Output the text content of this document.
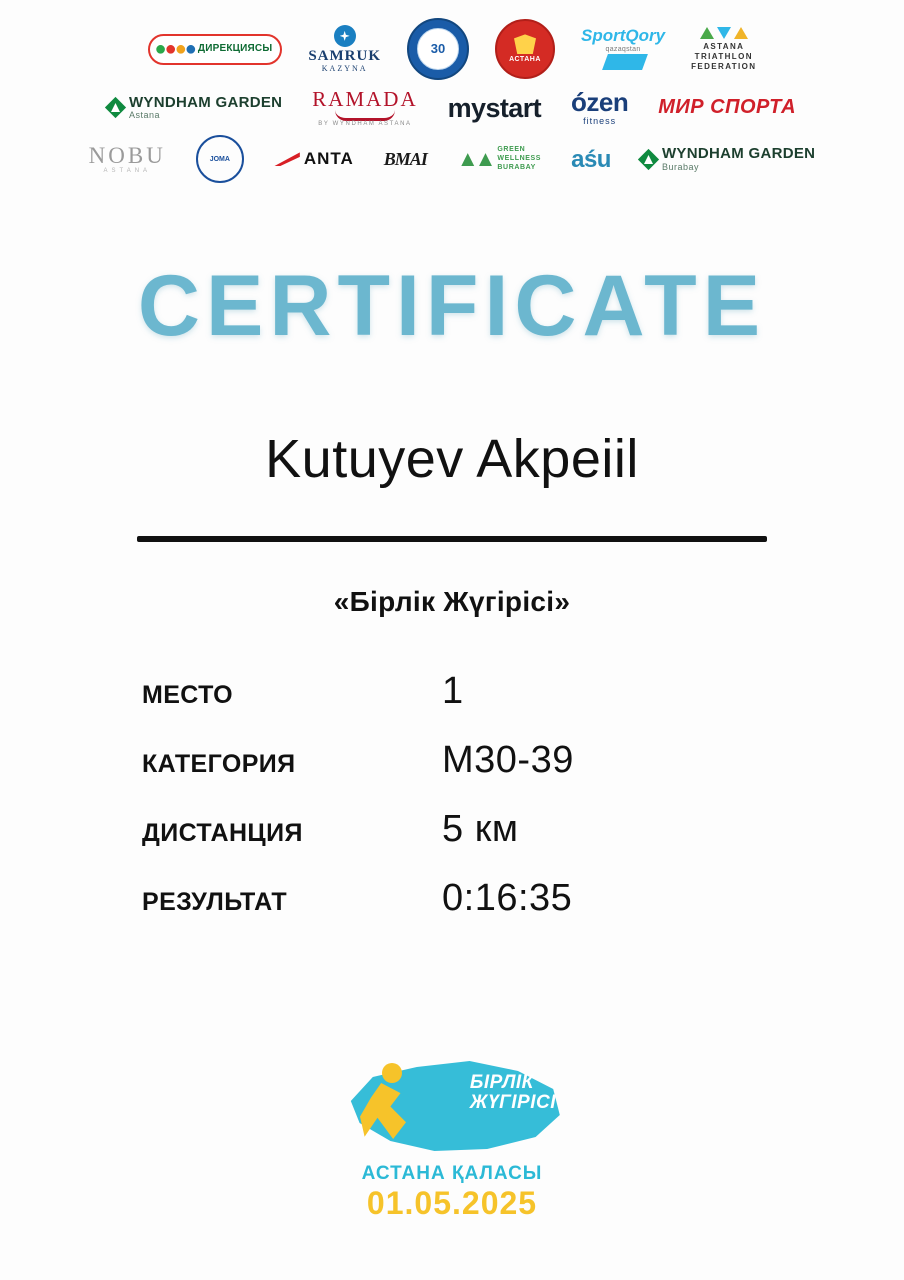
●●●● ДИРЕКЦИЯСЫ SAMRUK
KAZYNA
30
АСТАНА
SportQory
qazaqstan	ASTANA
TRIATHLON
FEDERATION
WYNDHAM GARDEN
Astana
RAMADA
BY WYNDHAM ASTANA
mystart ózen
fitness
МИР СПОРТА
NOBU
ASTANA
JOMA	ANTA BMAI ▲▲ GREEN
WELLNESS
BURABAY aśu	WYNDHAM GARDEN
Burabay
CERTIFICATE
Kutuyev Akpeiil
«Бірлік Жүгірісі»
МЕСТО	1
КАТЕГОРИЯ	М30-39
ДИСТАНЦИЯ	5 км
РЕЗУЛЬТАТ	0:16:35
БІРЛІК
ЖҮГІРІСІ
АСТАНА ҚАЛАСЫ
01.05.2025
